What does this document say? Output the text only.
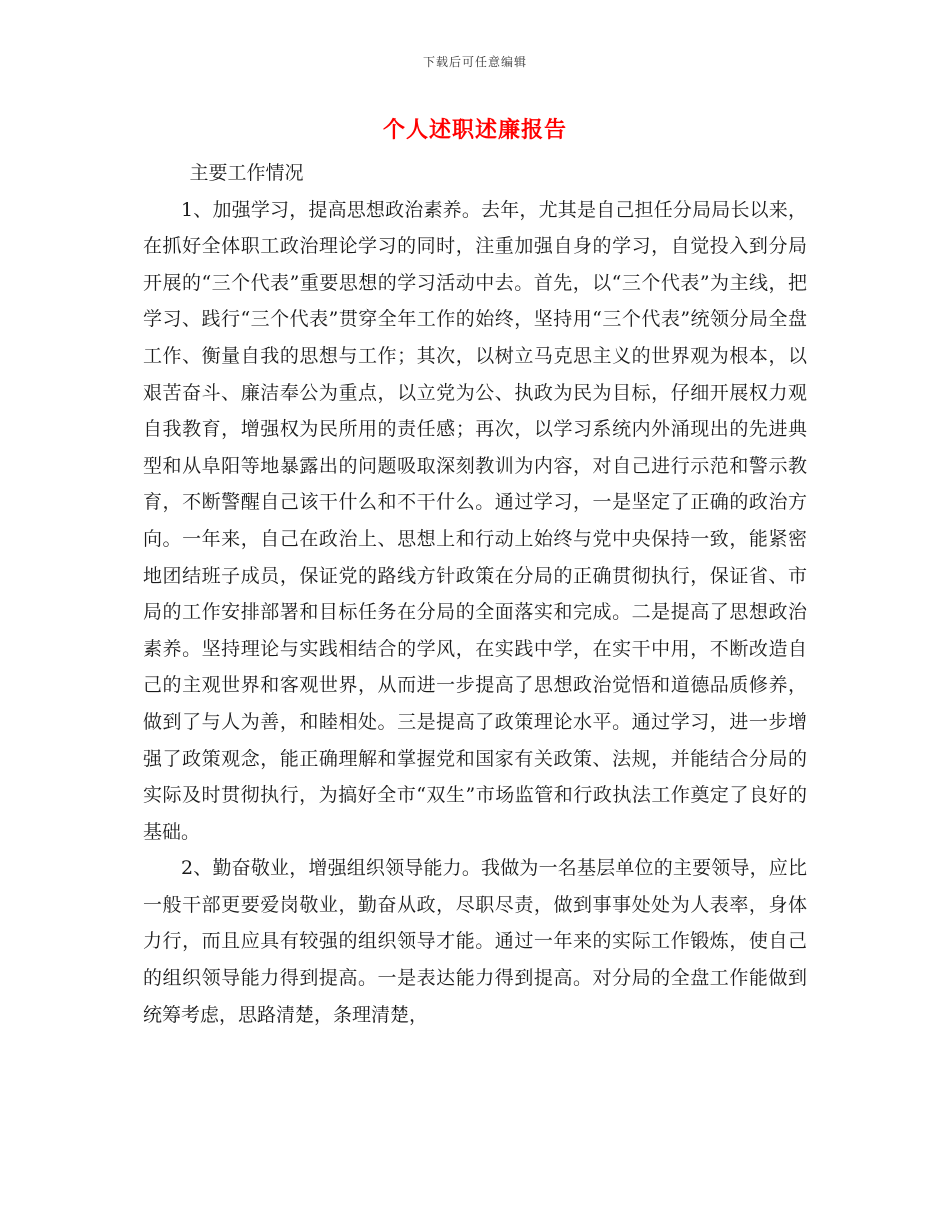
下载后可任意编辑
个人述职述廉报告

主要工作情况

1、加强学习，提高思想政治素养。去年，尤其是自己担任分局局长以来，在抓好全体职工政治理论学习的同时，注重加强自身的学习，自觉投入到分局开展的“三个代表”重要思想的学习活动中去。首先，以“三个代表”为主线，把学习、践行“三个代表”贯穿全年工作的始终，坚持用“三个代表”统领分局全盘工作、衡量自我的思想与工作；其次，以树立马克思主义的世界观为根本，以艰苦奋斗、廉洁奉公为重点，以立党为公、执政为民为目标，仔细开展权力观自我教育，增强权为民所用的责任感；再次，以学习系统内外涌现出的先进典型和从阜阳等地暴露出的问题吸取深刻教训为内容，对自己进行示范和警示教育，不断警醒自己该干什么和不干什么。通过学习，一是坚定了正确的政治方向。一年来，自己在政治上、思想上和行动上始终与党中央保持一致，能紧密地团结班子成员，保证党的路线方针政策在分局的正确贯彻执行，保证省、市局的工作安排部署和目标任务在分局的全面落实和完成。二是提高了思想政治素养。坚持理论与实践相结合的学风，在实践中学，在实干中用，不断改造自己的主观世界和客观世界，从而进一步提高了思想政治觉悟和道德品质修养，做到了与人为善，和睦相处。三是提高了政策理论水平。通过学习，进一步增强了政策观念，能正确理解和掌握党和国家有关政策、法规，并能结合分局的实际及时贯彻执行，为搞好全市“双生”市场监管和行政执法工作奠定了良好的基础。

2、勤奋敬业，增强组织领导能力。我做为一名基层单位的主要领导，应比一般干部更要爱岗敬业，勤奋从政，尽职尽责，做到事事处处为人表率，身体力行，而且应具有较强的组织领导才能。通过一年来的实际工作锻炼，使自己的组织领导能力得到提高。一是表达能力得到提高。对分局的全盘工作能做到统筹考虑，思路清楚，条理清楚，
